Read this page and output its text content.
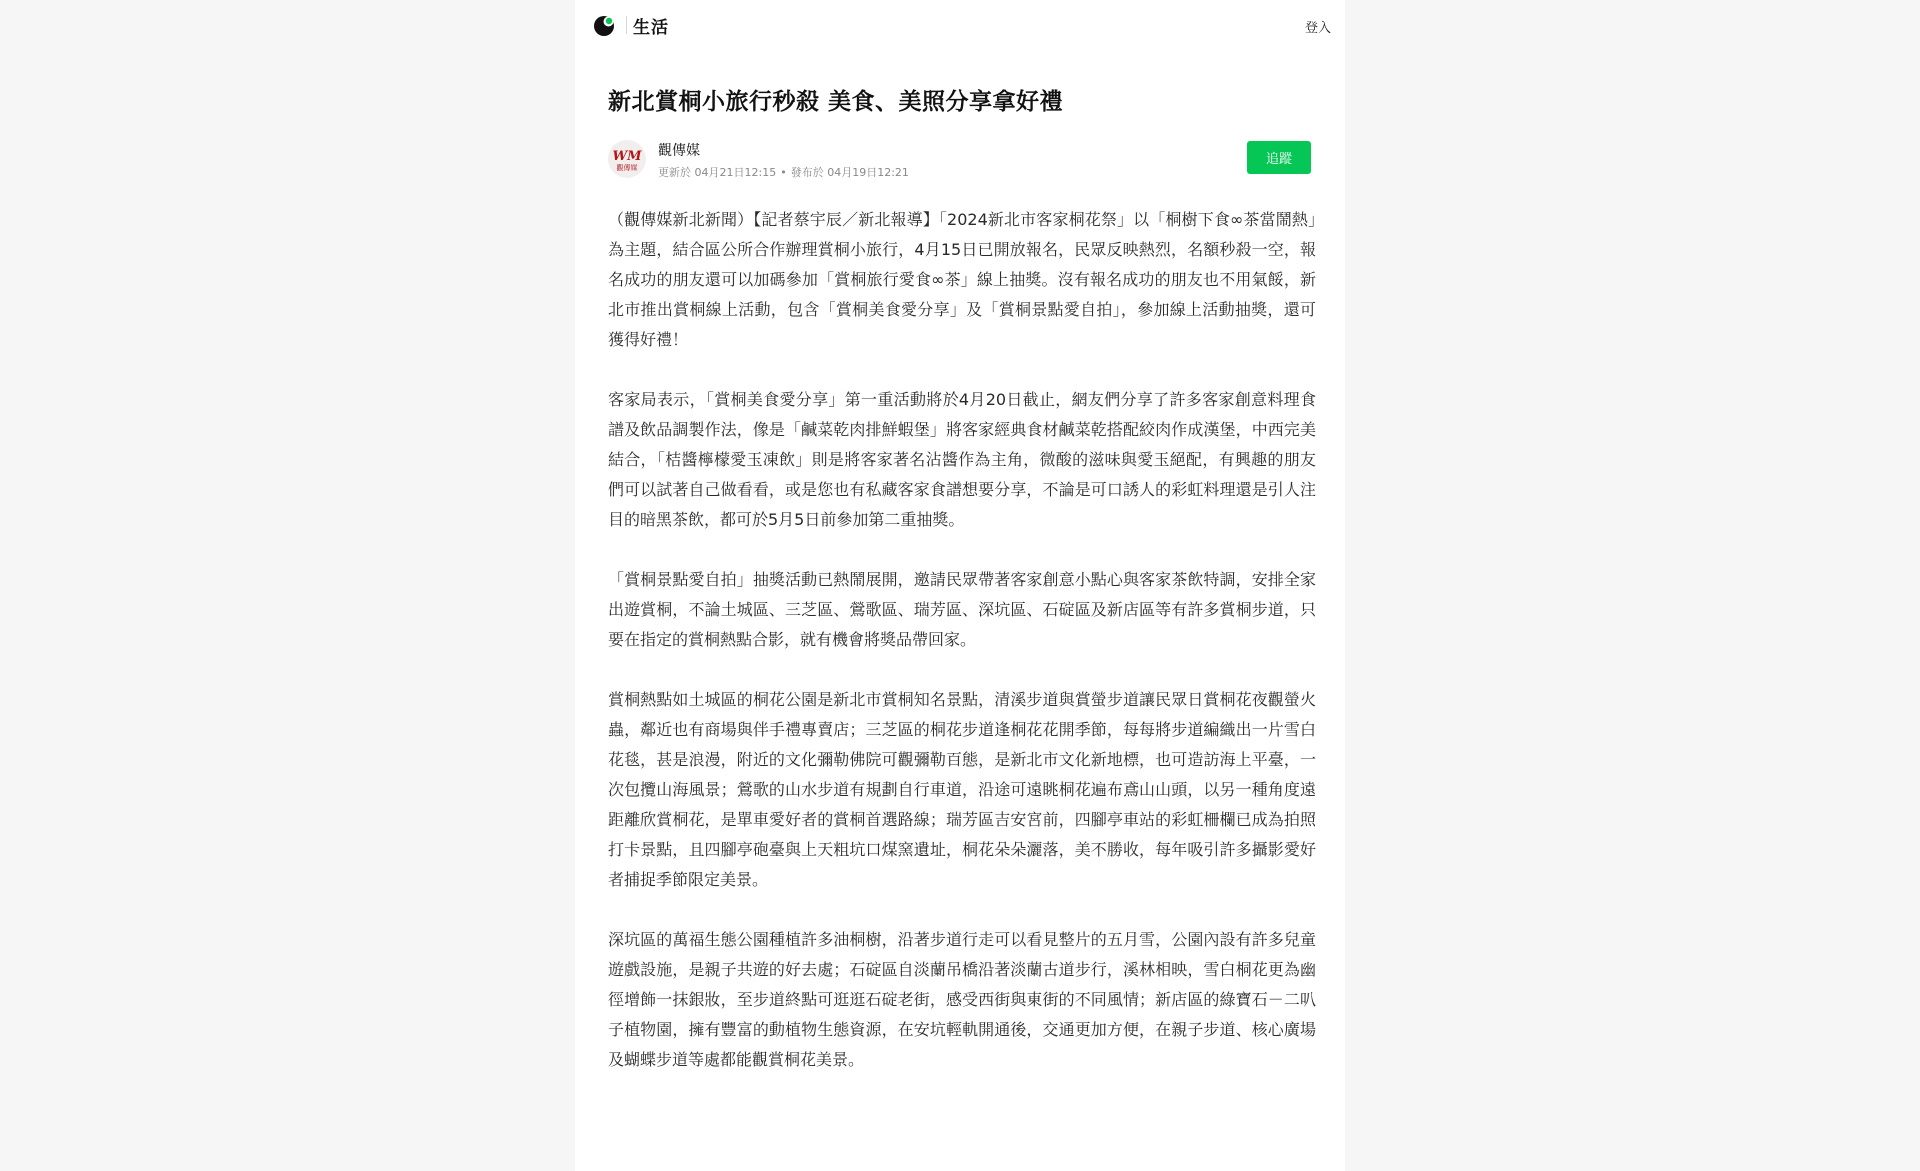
生活	登入
新北賞桐小旅行秒殺 美食、美照分享拿好禮
WM
觀傳媒
觀傳媒
更新於 04月21日12:15 • 發布於 04月19日12:21
追蹤

（觀傳媒新北新聞）【記者蔡宇辰／新北報導】「2024新北市客家桐花祭」以「桐樹下食∞茶當鬧熱」為主題，結合區公所合作辦理賞桐小旅行，4月15日已開放報名，民眾反映熱烈，名額秒殺一空，報名成功的朋友還可以加碼參加「賞桐旅行愛食∞茶」線上抽獎。沒有報名成功的朋友也不用氣餒，新北市推出賞桐線上活動，包含「賞桐美食愛分享」及「賞桐景點愛自拍」，參加線上活動抽獎，還可獲得好禮！

客家局表示，「賞桐美食愛分享」第一重活動將於4月20日截止，網友們分享了許多客家創意料理食譜及飲品調製作法，像是「鹹菜乾肉排鮮蝦堡」將客家經典食材鹹菜乾搭配絞肉作成漢堡，中西完美結合，「桔醬檸檬愛玉凍飲」則是將客家著名沾醬作為主角，微酸的滋味與愛玉絕配，有興趣的朋友們可以試著自己做看看，或是您也有私藏客家食譜想要分享，不論是可口誘人的彩虹料理還是引人注目的暗黑茶飲，都可於5月5日前參加第二重抽獎。

「賞桐景點愛自拍」抽獎活動已熱鬧展開，邀請民眾帶著客家創意小點心與客家茶飲特調，安排全家出遊賞桐，不論土城區、三芝區、鶯歌區、瑞芳區、深坑區、石碇區及新店區等有許多賞桐步道，只要在指定的賞桐熱點合影，就有機會將獎品帶回家。

賞桐熱點如土城區的桐花公園是新北市賞桐知名景點，清溪步道與賞螢步道讓民眾日賞桐花夜觀螢火蟲，鄰近也有商場與伴手禮專賣店；三芝區的桐花步道逢桐花花開季節，每每將步道編織出一片雪白花毯，甚是浪漫，附近的文化彌勒佛院可觀彌勒百態，是新北市文化新地標，也可造訪海上平臺，一次包攬山海風景；鶯歌的山水步道有規劃自行車道，沿途可遠眺桐花遍布鳶山山頭，以另一種角度遠距離欣賞桐花，是單車愛好者的賞桐首選路線；瑞芳區吉安宮前，四腳亭車站的彩虹柵欄已成為拍照打卡景點，且四腳亭砲臺與上天粗坑口煤窯遺址，桐花朵朵灑落，美不勝收，每年吸引許多攝影愛好者捕捉季節限定美景。

深坑區的萬福生態公園種植許多油桐樹，沿著步道行走可以看見整片的五月雪，公園內設有許多兒童遊戲設施，是親子共遊的好去處；石碇區自淡蘭吊橋沿著淡蘭古道步行，溪林相映，雪白桐花更為幽徑增飾一抹銀妝，至步道終點可逛逛石碇老街，感受西街與東街的不同風情；新店區的綠寶石－二叭子植物園，擁有豐富的動植物生態資源，在安坑輕軌開通後，交通更加方便，在親子步道、核心廣場及蝴蝶步道等處都能觀賞桐花美景。
